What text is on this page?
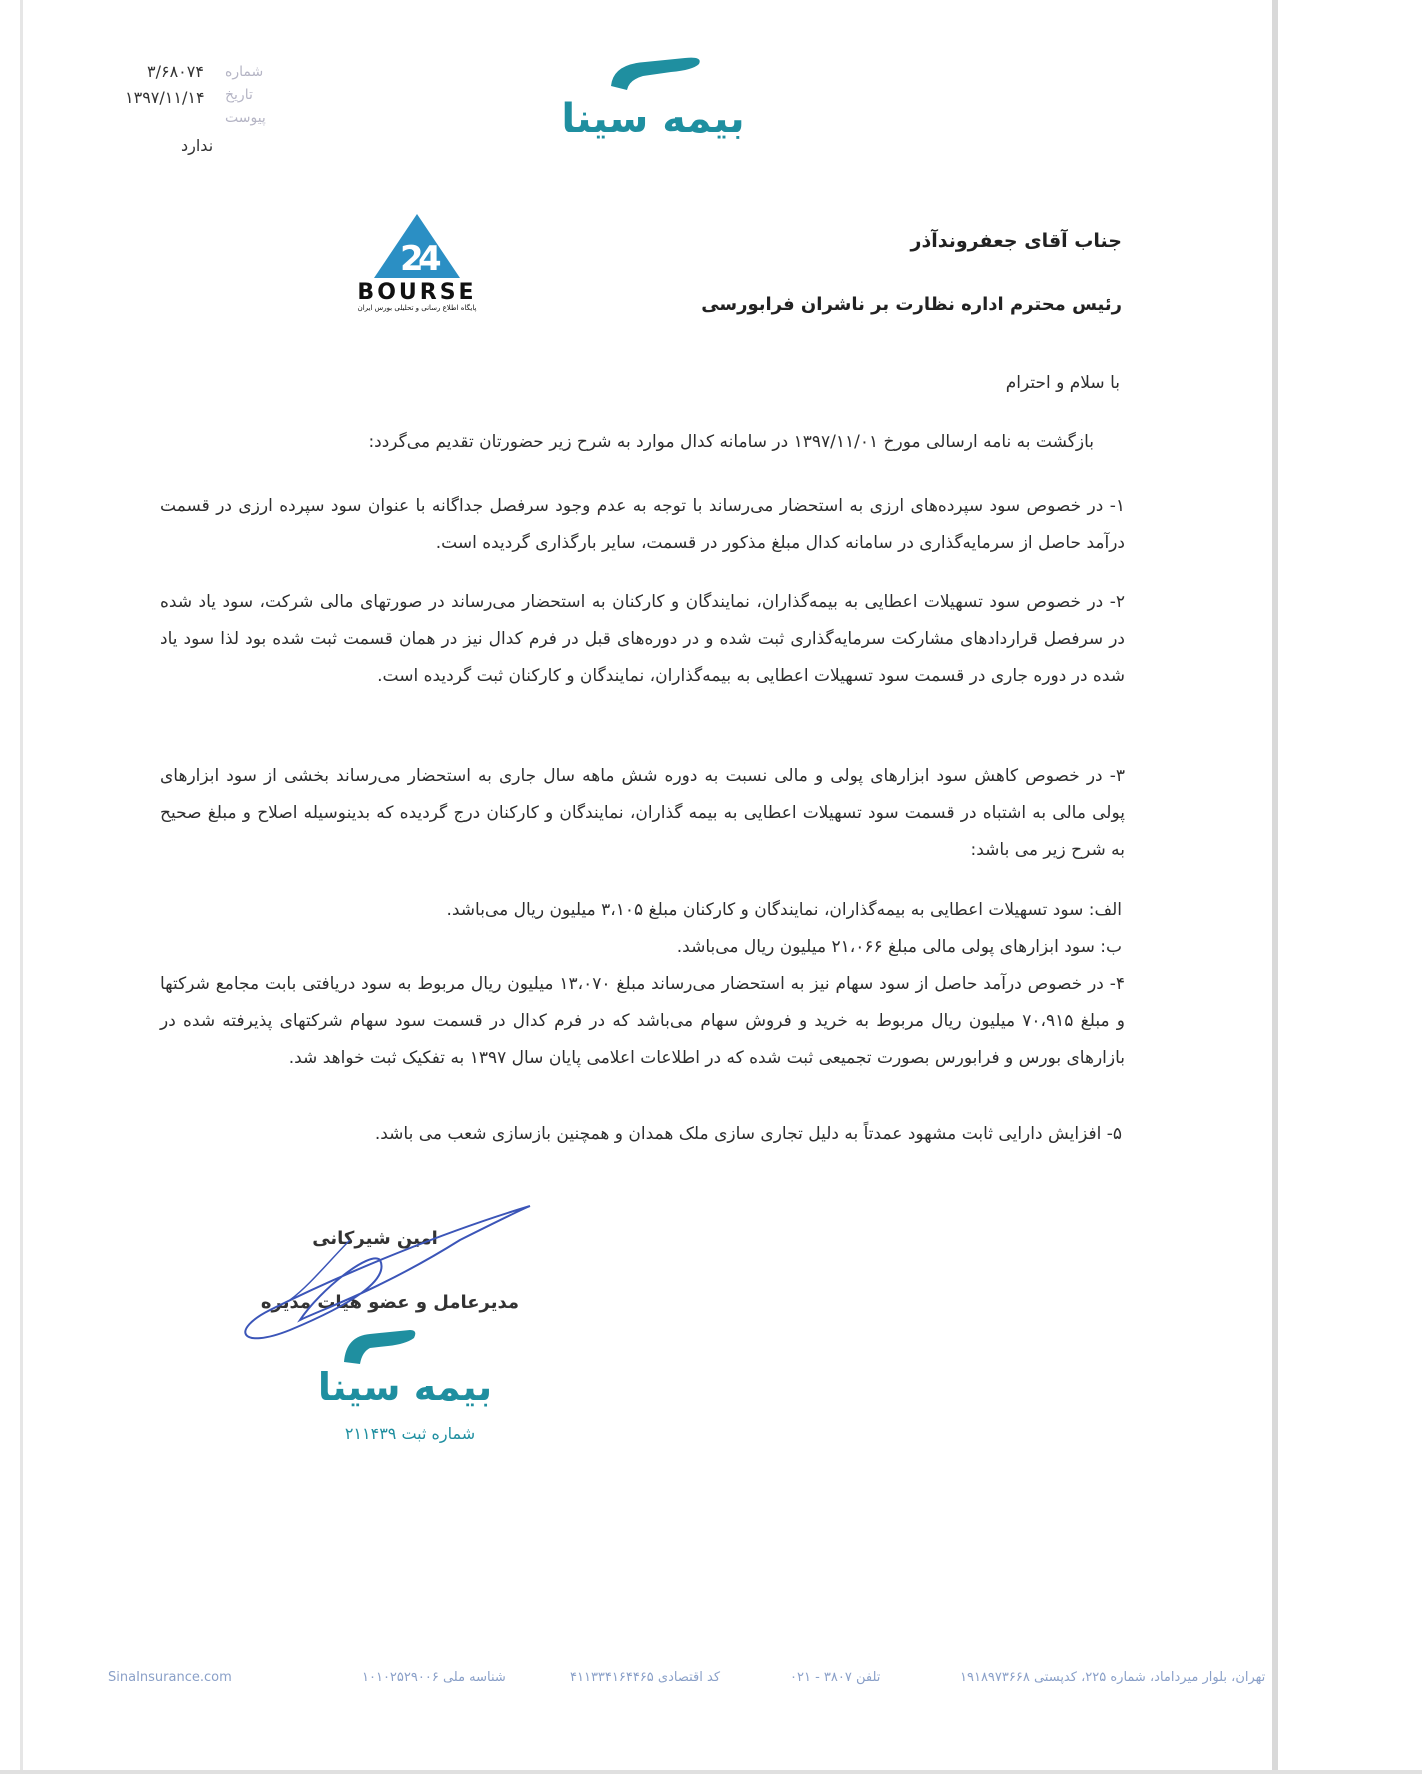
شماره
۳/۶۸۰۷۴
تاریخ
۱۳۹۷/۱۱/۱۴
پیوست
ندارد
بیمه سینا
2
4
BOURSE
پایگاه اطلاع رسانی و تحلیلی بورس ایران
جناب آقای جعفروندآذر
رئیس محترم اداره نظارت بر ناشران فرابورسی
با سلام و احترام
بازگشت به نامه ارسالی مورخ ۱۳۹۷/۱۱/۰۱ در سامانه کدال موارد به شرح زیر حضورتان تقدیم می‌گردد:
۱- در خصوص سود سپرده‌های ارزی به استحضار می‌رساند با توجه به عدم وجود سرفصل جداگانه با عنوان سود سپرده ارزی در قسمت درآمد حاصل از سرمایه‌گذاری در سامانه کدال مبلغ مذکور در قسمت، سایر بارگذاری گردیده است.
۲- در خصوص سود تسهیلات اعطایی به بیمه‌گذاران، نمایندگان و کارکنان به استحضار می‌رساند در صورتهای مالی شرکت، سود یاد شده در سرفصل قراردادهای مشارکت سرمایه‌گذاری ثبت شده و در دوره‌های قبل در فرم کدال نیز در همان قسمت ثبت شده بود لذا سود یاد شده در دوره جاری در قسمت سود تسهیلات اعطایی به بیمه‌گذاران، نمایندگان و کارکنان ثبت گردیده است.
۳- در خصوص کاهش سود ابزارهای پولی و مالی نسبت به دوره شش ماهه سال جاری به استحضار می‌رساند بخشی از سود ابزارهای پولی مالی به اشتباه در قسمت سود تسهیلات اعطایی به بیمه گذاران، نمایندگان و کارکنان درج گردیده که بدینوسیله اصلاح و مبلغ صحیح به شرح زیر می باشد:
الف: سود تسهیلات اعطایی به بیمه‌گذاران، نمایندگان و کارکنان مبلغ ۳،۱۰۵ میلیون ریال می‌باشد.
ب: سود ابزارهای پولی مالی مبلغ ۲۱،۰۶۶ میلیون ریال می‌باشد.
۴- در خصوص درآمد حاصل از سود سهام نیز به استحضار می‌رساند مبلغ ۱۳،۰۷۰ میلیون ریال مربوط به سود دریافتی بابت مجامع شرکتها و مبلغ ۷۰،۹۱۵ میلیون ریال مربوط به خرید و فروش سهام می‌باشد که در فرم کدال در قسمت سود سهام شرکتهای پذیرفته شده در بازارهای بورس و فرابورس بصورت تجمیعی ثبت شده که در اطلاعات اعلامی پایان سال ۱۳۹۷ به تفکیک ثبت خواهد شد.
۵- افزایش دارایی ثابت مشهود عمدتاً به دلیل تجاری سازی ملک همدان و همچنین بازسازی شعب می باشد.
امین شیرکانی
مدیرعامل و عضو هیات مدیره
بیمه سینا
شماره ثبت ۲۱۱۴۳۹
تهران، بلوار میرداماد، شماره ۲۲۵، کدپستی ۱۹۱۸۹۷۳۶۶۸
تلفن ۳۸۰۷ - ۰۲۱
کد اقتصادی ۴۱۱۳۳۴۱۶۴۴۶۵
شناسه ملی ۱۰۱۰۲۵۲۹۰۰۶
SinaInsurance.com
